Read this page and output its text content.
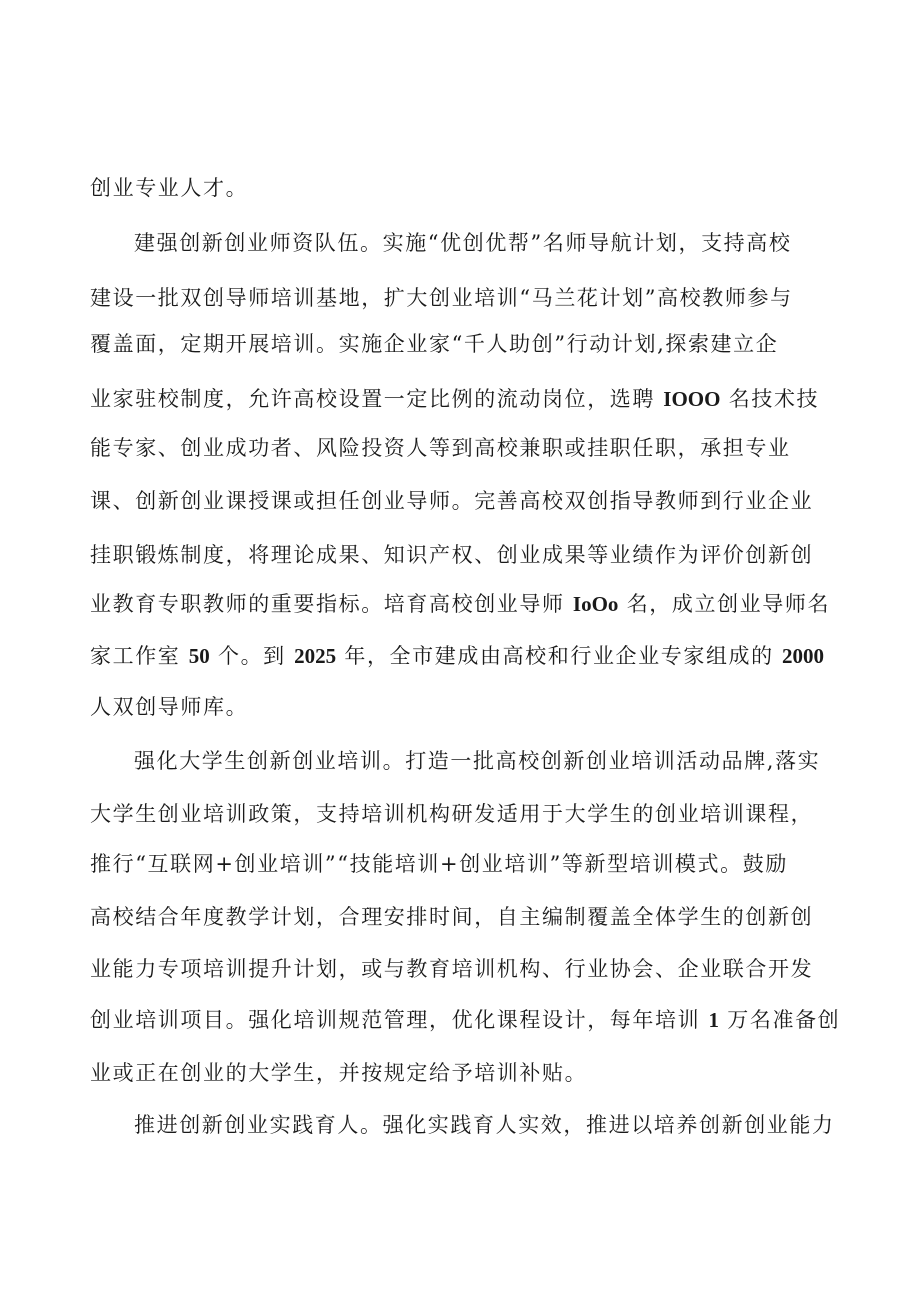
创业专业人才。
建强创新创业师资队伍。实施“优创优帮”名师导航计划，支持高校
建设一批双创导师培训基地，扩大创业培训“马兰花计划”高校教师参与
覆盖面，定期开展培训。实施企业家“千人助创”行动计划,探索建立企
业家驻校制度，允许高校设置一定比例的流动岗位，选聘 IOOO 名技术技
能专家、创业成功者、风险投资人等到高校兼职或挂职任职，承担专业
课、创新创业课授课或担任创业导师。完善高校双创指导教师到行业企业
挂职锻炼制度，将理论成果、知识产权、创业成果等业绩作为评价创新创
业教育专职教师的重要指标。培育高校创业导师 IoOo 名，成立创业导师名
家工作室 50 个。到 2025 年，全市建成由高校和行业企业专家组成的 2000
人双创导师库。
强化大学生创新创业培训。打造一批高校创新创业培训活动品牌,落实
大学生创业培训政策，支持培训机构研发适用于大学生的创业培训课程，
推行“互联网+创业培训”“技能培训+创业培训”等新型培训模式。鼓励
高校结合年度教学计划，合理安排时间，自主编制覆盖全体学生的创新创
业能力专项培训提升计划，或与教育培训机构、行业协会、企业联合开发
创业培训项目。强化培训规范管理，优化课程设计，每年培训 1 万名准备创
业或正在创业的大学生，并按规定给予培训补贴。
推进创新创业实践育人。强化实践育人实效，推进以培养创新创业能力
